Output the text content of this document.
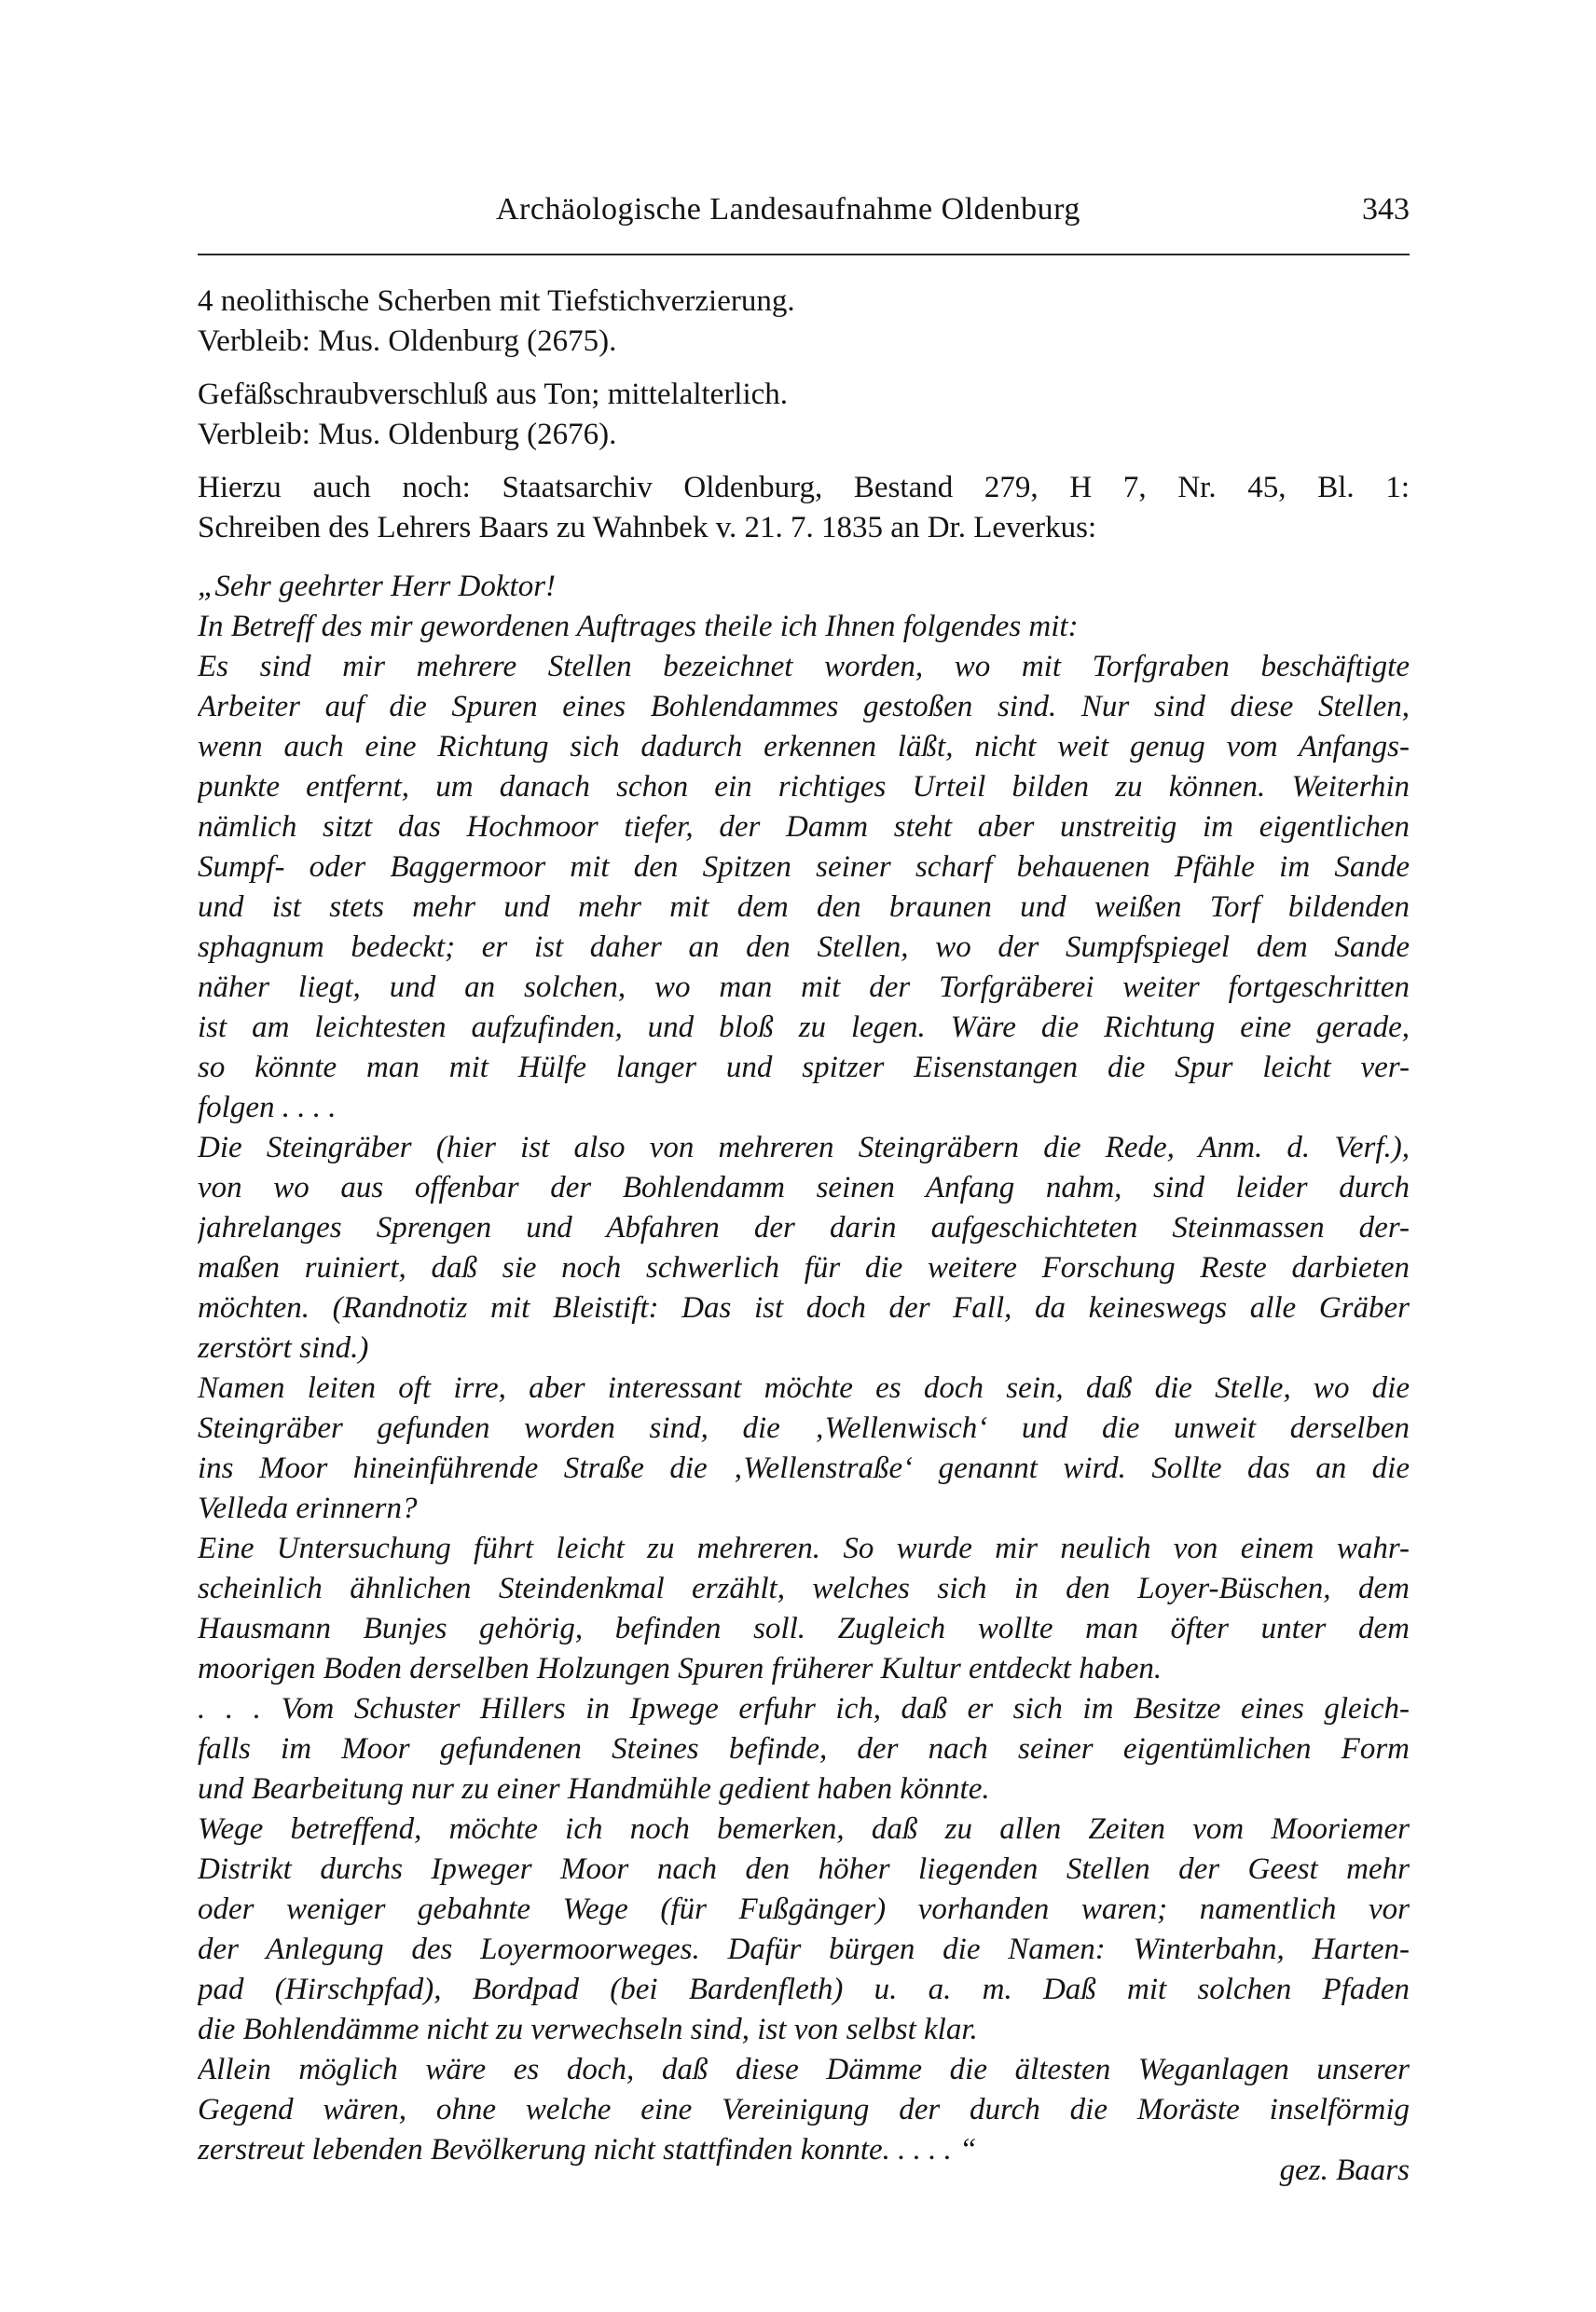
Archäologische Landesaufnahme Oldenburg	343
4 neolithische Scherben mit Tiefstichverzierung.
Verbleib: Mus. Oldenburg (2675).
Gefäßschraubverschluß aus Ton; mittelalterlich.
Verbleib: Mus. Oldenburg (2676).
Hierzu auch noch: Staatsarchiv Oldenburg, Bestand 279, H 7, Nr. 45, Bl. 1:
Schreiben des Lehrers Baars zu Wahnbek v. 21. 7. 1835 an Dr. Leverkus:
„Sehr geehrter Herr Doktor!
In Betreff des mir gewordenen Auftrages theile ich Ihnen folgendes mit:
Es sind mir mehrere Stellen bezeichnet worden, wo mit Torfgraben beschäftigte
Arbeiter auf die Spuren eines Bohlendammes gestoßen sind. Nur sind diese Stellen,
wenn auch eine Richtung sich dadurch erkennen läßt, nicht weit genug vom Anfangs-
punkte entfernt, um danach schon ein richtiges Urteil bilden zu können. Weiterhin
nämlich sitzt das Hochmoor tiefer, der Damm steht aber unstreitig im eigentlichen
Sumpf- oder Baggermoor mit den Spitzen seiner scharf behauenen Pfähle im Sande
und ist stets mehr und mehr mit dem den braunen und weißen Torf bildenden
sphagnum bedeckt; er ist daher an den Stellen, wo der Sumpfspiegel dem Sande
näher liegt, und an solchen, wo man mit der Torfgräberei weiter fortgeschritten
ist am leichtesten aufzufinden, und bloß zu legen. Wäre die Richtung eine gerade,
so könnte man mit Hülfe langer und spitzer Eisenstangen die Spur leicht ver-
folgen . . . .
Die Steingräber (hier ist also von mehreren Steingräbern die Rede, Anm. d. Verf.),
von wo aus offenbar der Bohlendamm seinen Anfang nahm, sind leider durch
jahrelanges Sprengen und Abfahren der darin aufgeschichteten Steinmassen der-
maßen ruiniert, daß sie noch schwerlich für die weitere Forschung Reste darbieten
möchten. (Randnotiz mit Bleistift: Das ist doch der Fall, da keineswegs alle Gräber
zerstört sind.)
Namen leiten oft irre, aber interessant möchte es doch sein, daß die Stelle, wo die
Steingräber gefunden worden sind, die ‚Wellenwisch‘ und die unweit derselben
ins Moor hineinführende Straße die ‚Wellenstraße‘ genannt wird. Sollte das an die
Velleda erinnern?
Eine Untersuchung führt leicht zu mehreren. So wurde mir neulich von einem wahr-
scheinlich ähnlichen Steindenkmal erzählt, welches sich in den Loyer-Büschen, dem
Hausmann Bunjes gehörig, befinden soll. Zugleich wollte man öfter unter dem
moorigen Boden derselben Holzungen Spuren früherer Kultur entdeckt haben.
. . . Vom Schuster Hillers in Ipwege erfuhr ich, daß er sich im Besitze eines gleich-
falls im Moor gefundenen Steines befinde, der nach seiner eigentümlichen Form
und Bearbeitung nur zu einer Handmühle gedient haben könnte.
Wege betreffend, möchte ich noch bemerken, daß zu allen Zeiten vom Mooriemer
Distrikt durchs Ipweger Moor nach den höher liegenden Stellen der Geest mehr
oder weniger gebahnte Wege (für Fußgänger) vorhanden waren; namentlich vor
der Anlegung des Loyermoorweges. Dafür bürgen die Namen: Winterbahn, Harten-
pad (Hirschpfad), Bordpad (bei Bardenfleth) u. a. m. Daß mit solchen Pfaden
die Bohlendämme nicht zu verwechseln sind, ist von selbst klar.
Allein möglich wäre es doch, daß diese Dämme die ältesten Weganlagen unserer
Gegend wären, ohne welche eine Vereinigung der durch die Moräste inselförmig
zerstreut lebenden Bevölkerung nicht stattfinden konnte. . . . . “
gez. Baars
